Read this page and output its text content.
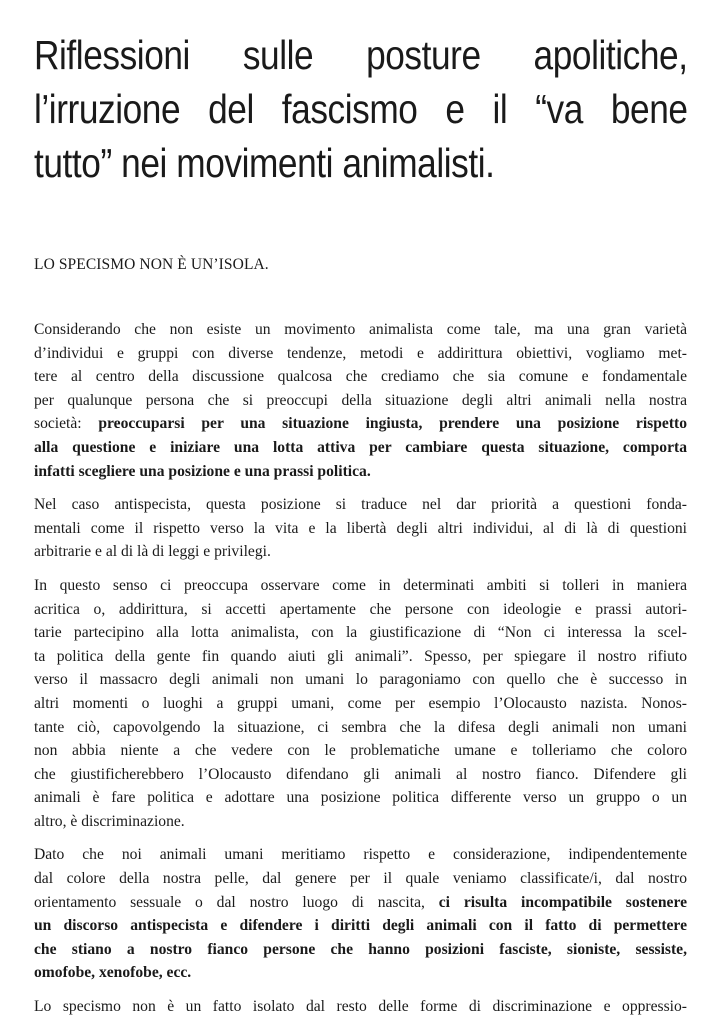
Riflessioni sulle posture apolitiche,
l’irruzione del fascismo e il “va bene
tutto” nei movimenti animalisti.
LO SPECISMO NON È UN’ISOLA.

Considerando che non esiste un movimento animalista come tale, ma una gran varietà
d’individui e gruppi con diverse tendenze, metodi e addirittura obiettivi, vogliamo met-
tere al centro della discussione qualcosa che crediamo che sia comune e fondamentale
per qualunque persona che si preoccupi della situazione degli altri animali nella nostra
società: preoccuparsi per una situazione ingiusta, prendere una posizione rispetto
alla questione e iniziare una lotta attiva per cambiare questa situazione, comporta
infatti scegliere una posizione e una prassi politica.

Nel caso antispecista, questa posizione si traduce nel dar priorità a questioni fonda-
mentali come il rispetto verso la vita e la libertà degli altri individui, al di là di questioni
arbitrarie e al di là di leggi e privilegi.

In questo senso ci preoccupa osservare come in determinati ambiti si tolleri in maniera
acritica o, addirittura, si accetti apertamente che persone con ideologie e prassi autori-
tarie partecipino alla lotta animalista, con la giustificazione di “Non ci interessa la scel-
ta politica della gente fin quando aiuti gli animali”. Spesso, per spiegare il nostro rifiuto
verso il massacro degli animali non umani lo paragoniamo con quello che è successo in
altri momenti o luoghi a gruppi umani, come per esempio l’Olocausto nazista. Nonos-
tante ciò, capovolgendo la situazione, ci sembra che la difesa degli animali non umani
non abbia niente a che vedere con le problematiche umane e tolleriamo che coloro
che giustificherebbero l’Olocausto difendano gli animali al nostro fianco. Difendere gli
animali è fare politica e adottare una posizione politica differente verso un gruppo o un
altro, è discriminazione.

Dato che noi animali umani meritiamo rispetto e considerazione, indipendentemente
dal colore della nostra pelle, dal genere per il quale veniamo classificate/i, dal nostro
orientamento sessuale o dal nostro luogo di nascita, ci risulta incompatibile sostenere
un discorso antispecista e difendere i diritti degli animali con il fatto di permettere
che stiano a nostro fianco persone che hanno posizioni fasciste, sioniste, sessiste,
omofobe, xenofobe, ecc.

Lo specismo non è un fatto isolato dal resto delle forme di discriminazione e oppressio-
